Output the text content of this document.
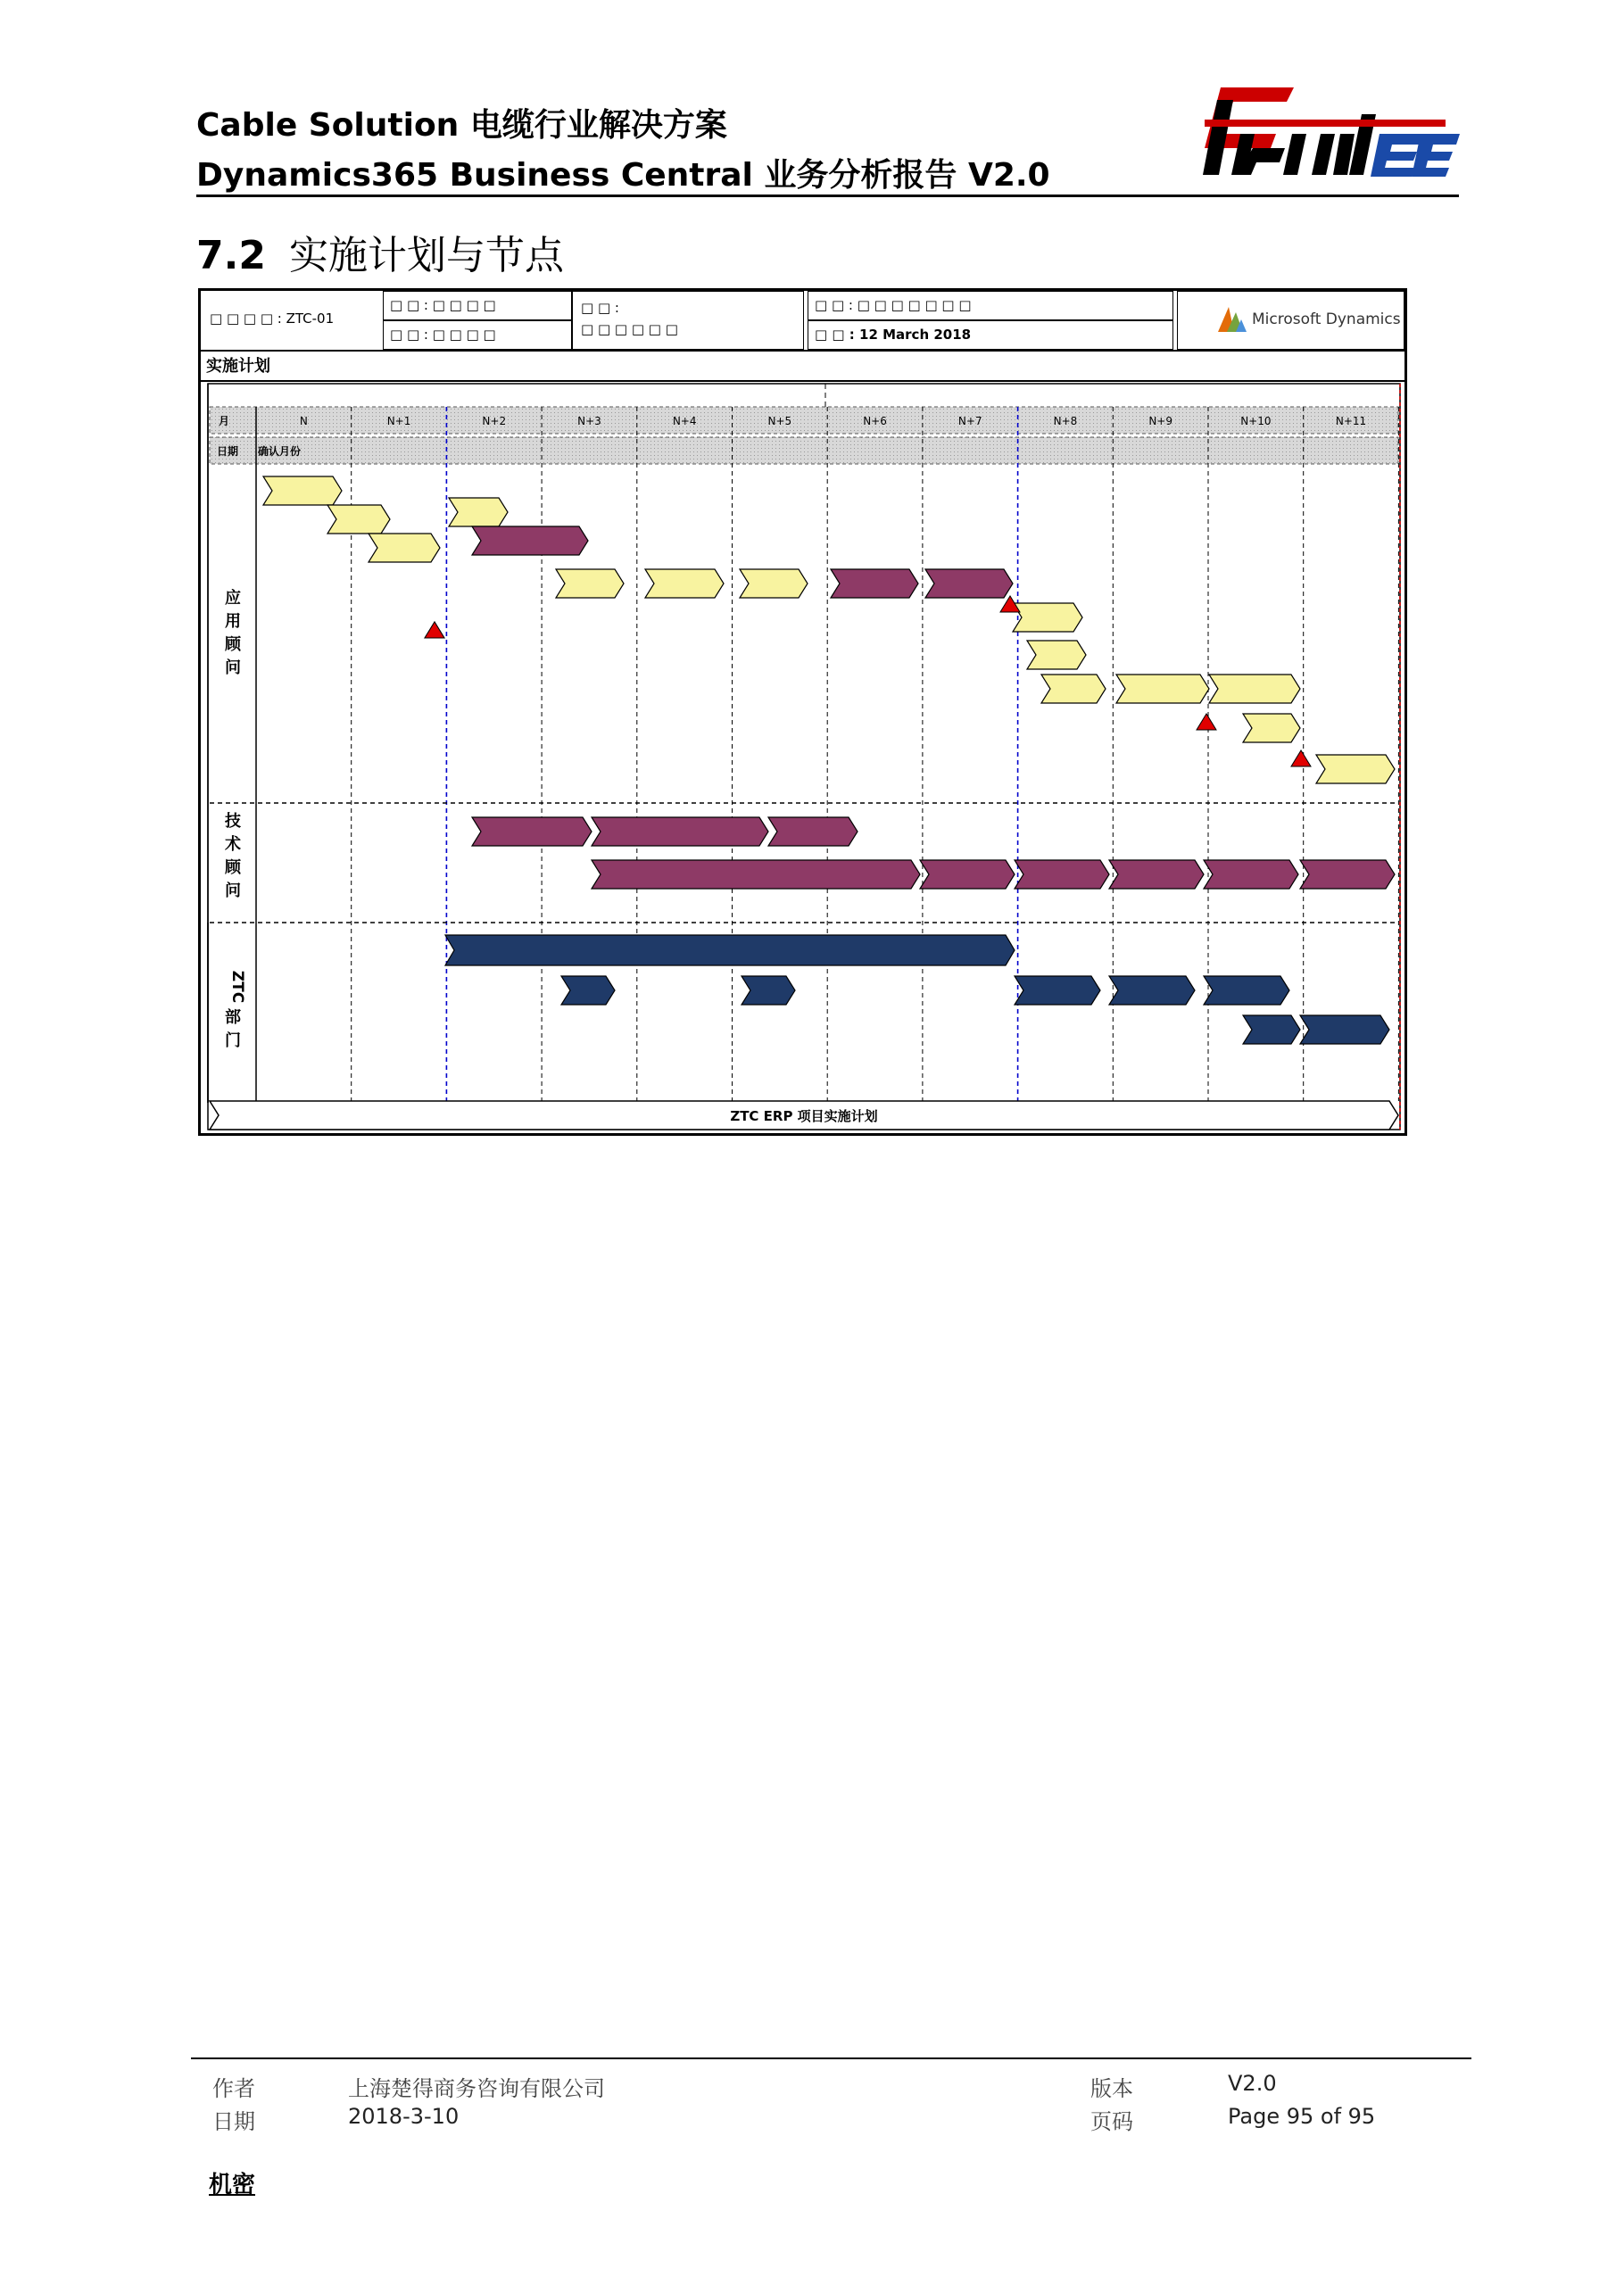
Cable Solution 电缆行业解决方案
Dynamics365 Business Central 业务分析报告 V2.0
7.2 实施计划与节点
□ □ □ □ : ZTC-01
□ □ : □ □ □ □
□ □ : □ □ □ □
□ □ :
□ □ □ □ □ □
□ □ : □ □ □ □ □ □ □
□ □ : 12 March 2018
Microsoft Dynamics
实施计划
月
日期 确认月份
N	N+1	N+2	N+3	N+4	N+5	N+6	N+7	N+8	N+9	N+10	N+11
应
用
顾
问
技
术
顾
问
ZTC
部
门
ZTC ERP 项目实施计划
作者	上海楚得商务咨询有限公司
日期	2018-3-10
版本	V2.0
页码	Page 95 of 95
机密
